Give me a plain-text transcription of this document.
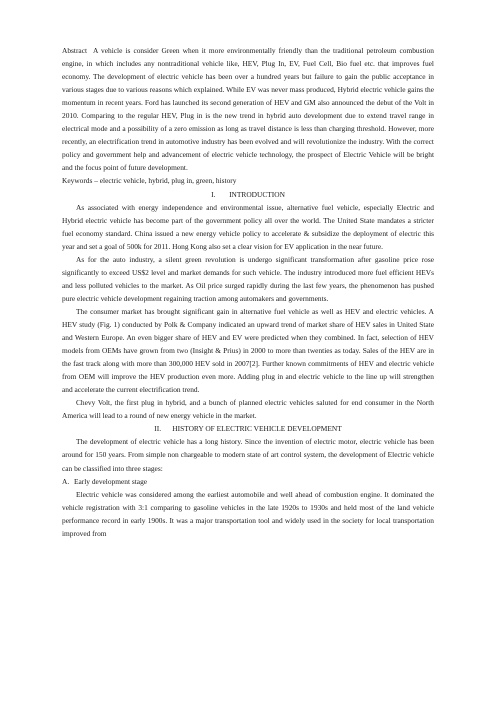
Abstract A vehicle is consider Green when it more environmentally friendly than the traditional petroleum combustion engine, in which includes any nontraditional vehicle like, HEV, Plug In, EV, Fuel Cell, Bio fuel etc. that improves fuel economy. The development of electric vehicle has been over a hundred years but failure to gain the public acceptance in various stages due to various reasons which explained. While EV was never mass produced, Hybrid electric vehicle gains the momentum in recent years. Ford has launched its second generation of HEV and GM also announced the debut of the Volt in 2010. Comparing to the regular HEV, Plug in is the new trend in hybrid auto development due to extend travel range in electrical mode and a possibility of a zero emission as long as travel distance is less than charging threshold. However, more recently, an electrification trend in automotive industry has been evolved and will revolutionize the industry. With the correct policy and government help and advancement of electric vehicle technology, the prospect of Electric Vehicle will be bright and the focus point of future development.

Keywords – electric vehicle, hybrid, plug in, green, history

I. INTRODUCTION

As associated with energy independence and environmental issue, alternative fuel vehicle, especially Electric and Hybrid electric vehicle has become part of the government policy all over the world. The United State mandates a stricter fuel economy standard. China issued a new energy vehicle policy to accelerate & subsidize the deployment of electric this year and set a goal of 500k for 2011. Hong Kong also set a clear vision for EV application in the near future.

As for the auto industry, a silent green revolution is undergo significant transformation after gasoline price rose significantly to exceed US$2 level and market demands for such vehicle. The industry introduced more fuel efficient HEVs and less polluted vehicles to the market. As Oil price surged rapidly during the last few years, the phenomenon has pushed pure electric vehicle development regaining traction among automakers and governments.

The consumer market has brought significant gain in alternative fuel vehicle as well as HEV and electric vehicles. A HEV study (Fig. 1) conducted by Polk & Company indicated an upward trend of market share of HEV sales in United State and Western Europe. An even bigger share of HEV and EV were predicted when they combined. In fact, selection of HEV models from OEMs have grown from two (Insight & Prius) in 2000 to more than twenties as today. Sales of the HEV are in the fast track along with more than 300,000 HEV sold in 2007[2]. Further known commitments of HEV and electric vehicle from OEM will improve the HEV production even more. Adding plug in and electric vehicle to the line up will strengthen and accelerate the current electrification trend.

Chevy Volt, the first plug in hybrid, and a bunch of planned electric vehicles saluted for end consumer in the North America will lead to a round of new energy vehicle in the market.

II. HISTORY OF ELECTRIC VEHICLE DEVELOPMENT

The development of electric vehicle has a long history. Since the invention of electric motor, electric vehicle has been around for 150 years. From simple non chargeable to modern state of art control system, the development of Electric vehicle can be classified into three stages:

A. Early development stage

Electric vehicle was considered among the earliest automobile and well ahead of combustion engine. It dominated the vehicle registration with 3:1 comparing to gasoline vehicles in the late 1920s to 1930s and held most of the land vehicle performance record in early 1900s. It was a major transportation tool and widely used in the society for local transportation improved from
